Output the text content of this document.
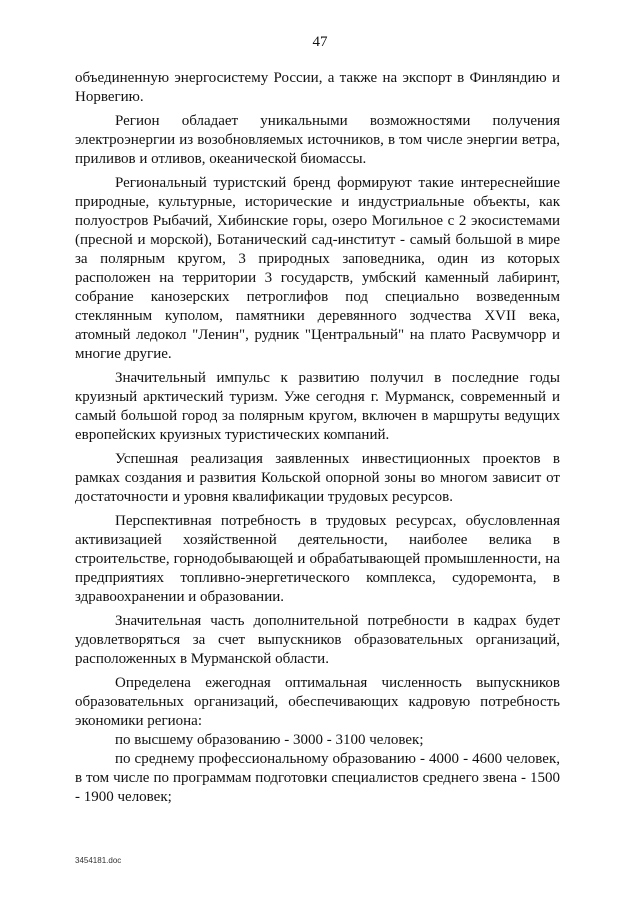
47

объединенную энергосистему России, а также на экспорт в Финляндию и Норвегию.

Регион обладает уникальными возможностями получения электроэнергии из возобновляемых источников, в том числе энергии ветра, приливов и отливов, океанической биомассы.

Региональный туристский бренд формируют такие интереснейшие природные, культурные, исторические и индустриальные объекты, как полуостров Рыбачий, Хибинские горы, озеро Могильное с 2 экосистемами (пресной и морской), Ботанический сад-институт - самый большой в мире за полярным кругом, 3 природных заповедника, один из которых расположен на территории 3 государств, умбский каменный лабиринт, собрание канозерских петроглифов под специально возведенным стеклянным куполом, памятники деревянного зодчества XVII века, атомный ледокол "Ленин", рудник "Центральный" на плато Расвумчорр и многие другие.

Значительный импульс к развитию получил в последние годы круизный арктический туризм. Уже сегодня г. Мурманск, современный и самый большой город за полярным кругом, включен в маршруты ведущих европейских круизных туристических компаний.

Успешная реализация заявленных инвестиционных проектов в рамках создания и развития Кольской опорной зоны во многом зависит от достаточности и уровня квалификации трудовых ресурсов.

Перспективная потребность в трудовых ресурсах, обусловленная активизацией хозяйственной деятельности, наиболее велика в строительстве, горнодобывающей и обрабатывающей промышленности, на предприятиях топливно-энергетического комплекса, судоремонта, в здравоохранении и образовании.

Значительная часть дополнительной потребности в кадрах будет удовлетворяться за счет выпускников образовательных организаций, расположенных в Мурманской области.

Определена ежегодная оптимальная численность выпускников образовательных организаций, обеспечивающих кадровую потребность экономики региона:

по высшему образованию - 3000 - 3100 человек;

по среднему профессиональному образованию - 4000 - 4600 человек, в том числе по программам подготовки специалистов среднего звена - 1500 - 1900 человек;

3454181.doc
